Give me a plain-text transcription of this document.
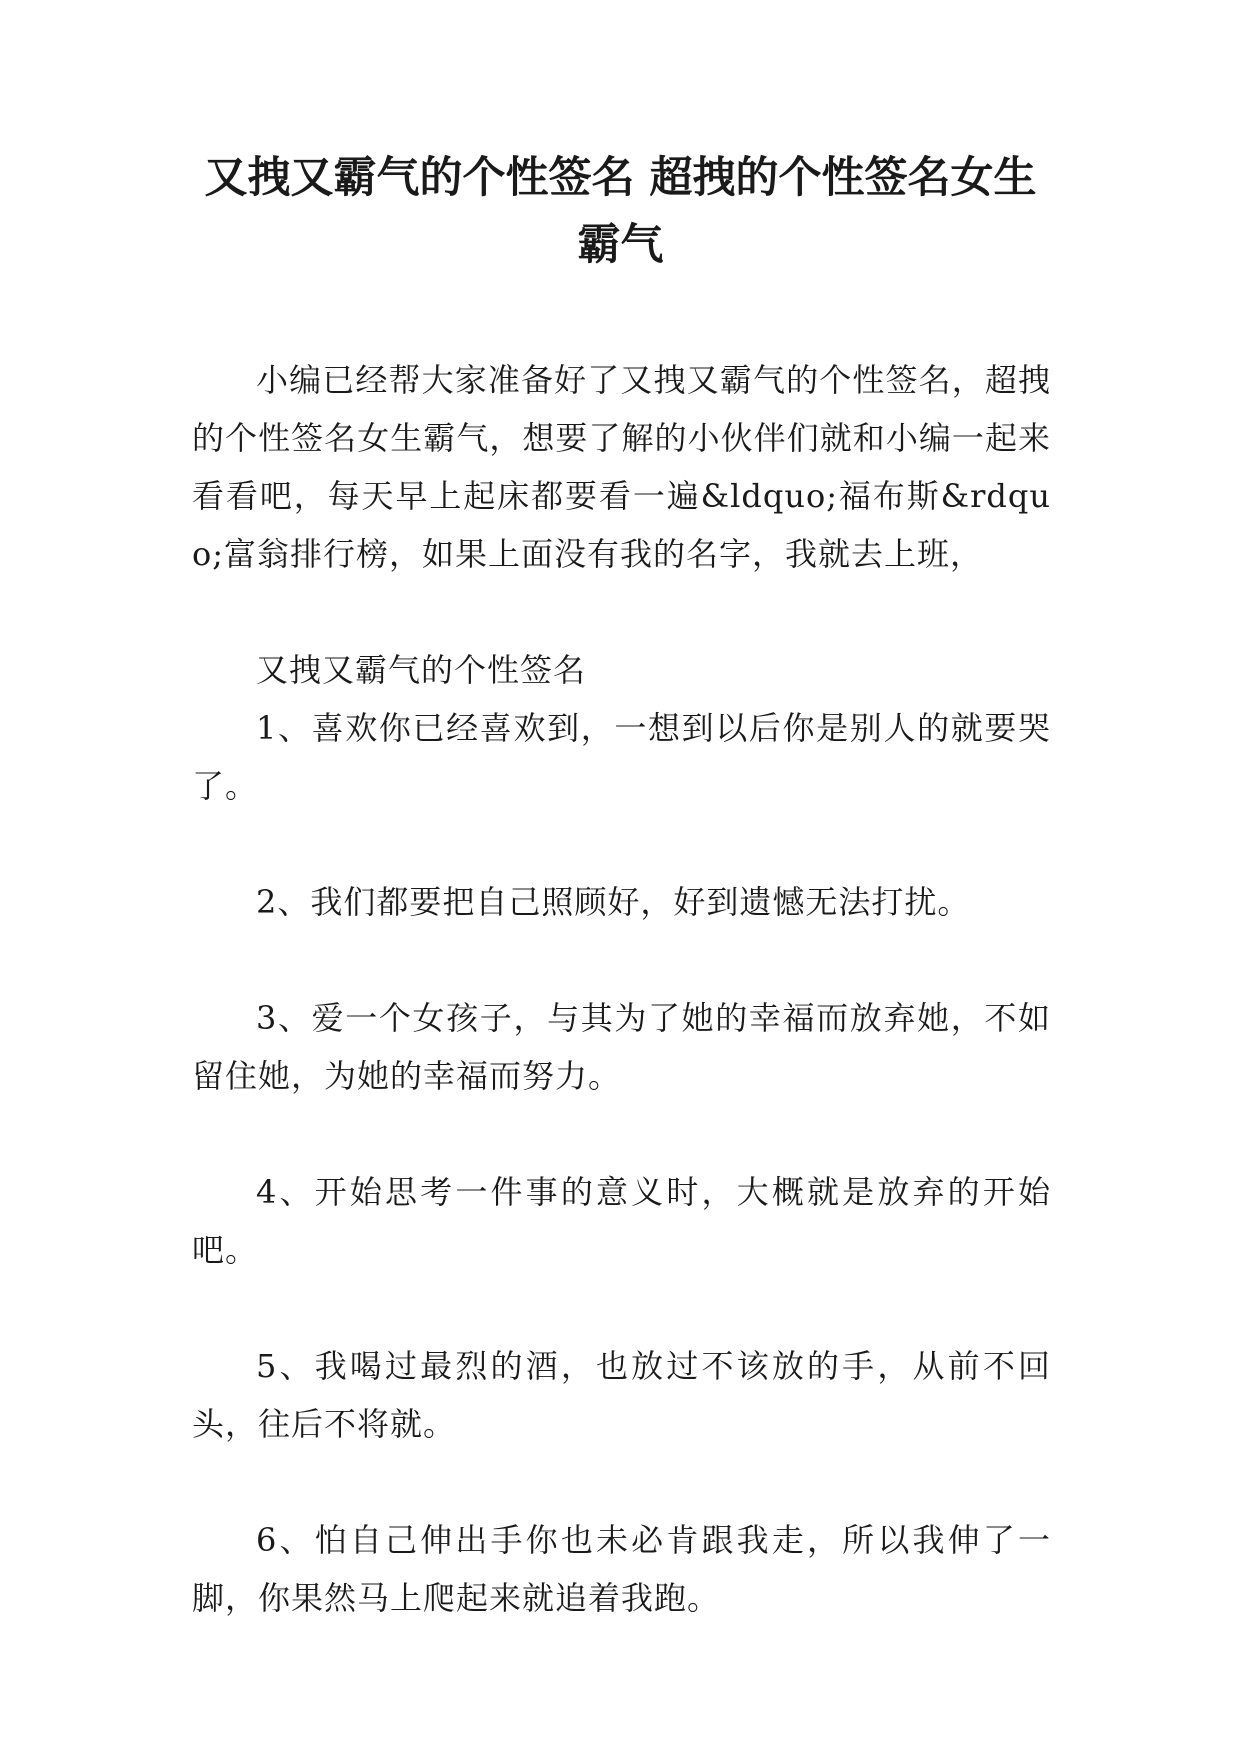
又拽又霸气的个性签名 超拽的个性签名女生霸气

小编已经帮大家准备好了又拽又霸气的个性签名，超拽的个性签名女生霸气，想要了解的小伙伴们就和小编一起来看看吧，每天早上起床都要看一遍&ldquo;福布斯&rdquo;富翁排行榜，如果上面没有我的名字，我就去上班，

又拽又霸气的个性签名

1、喜欢你已经喜欢到，一想到以后你是别人的就要哭了。

2、我们都要把自己照顾好，好到遗憾无法打扰。

3、爱一个女孩子，与其为了她的幸福而放弃她，不如留住她，为她的幸福而努力。

4、开始思考一件事的意义时，大概就是放弃的开始吧。

5、我喝过最烈的酒，也放过不该放的手，从前不回头，往后不将就。

6、怕自己伸出手你也未必肯跟我走，所以我伸了一脚，你果然马上爬起来就追着我跑。
